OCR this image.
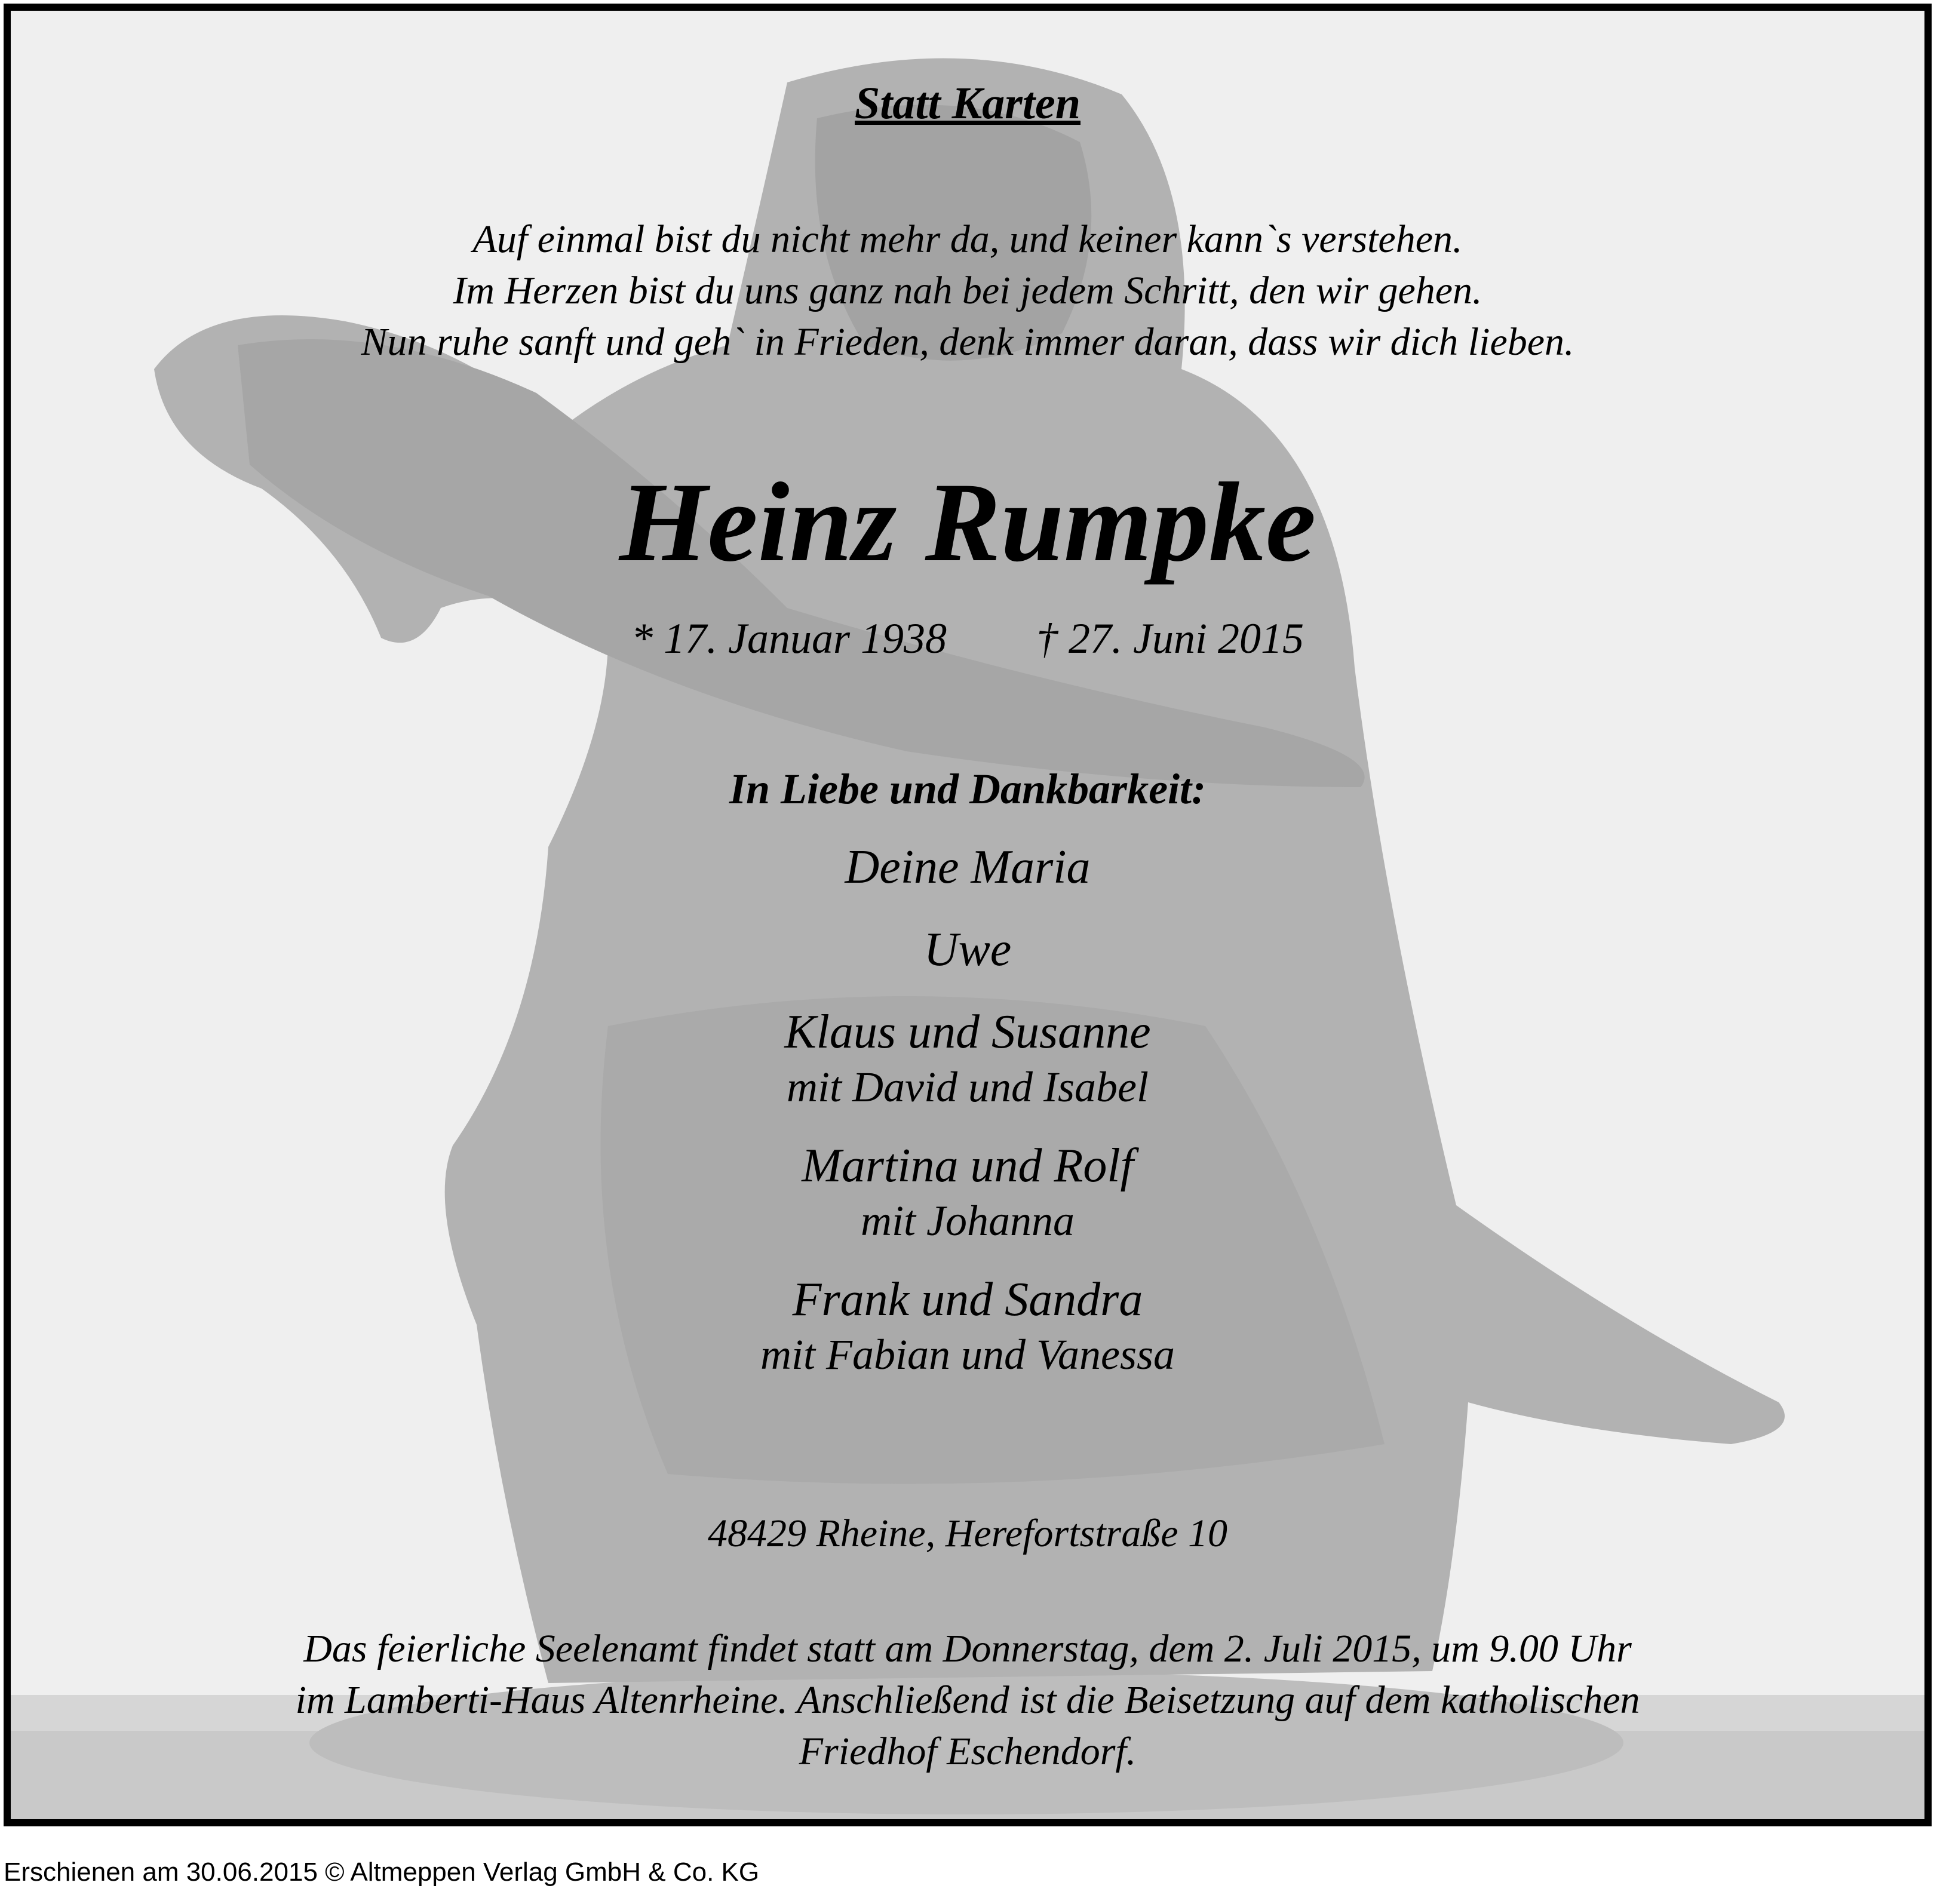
Statt Karten

Auf einmal bist du nicht mehr da, und keiner kann`s verstehen.
Im Herzen bist du uns ganz nah bei jedem Schritt, den wir gehen.
Nun ruhe sanft und geh` in Frieden, denk immer daran, dass wir dich lieben.

Heinz Rumpke

* 17. Januar 1938 † 27. Juni 2015

In Liebe und Dankbarkeit:

Deine Maria
Uwe
Klaus und Susanne
mit David und Isabel
Martina und Rolf
mit Johanna
Frank und Sandra
mit Fabian und Vanessa

48429 Rheine, Herefortstraße 10

Das feierliche Seelenamt findet statt am Donnerstag, dem 2. Juli 2015, um 9.00 Uhr
im Lamberti-Haus Altenrheine. Anschließend ist die Beisetzung auf dem katholischen
Friedhof Eschendorf.
Erschienen am 30.06.2015 © Altmeppen Verlag GmbH & Co. KG
